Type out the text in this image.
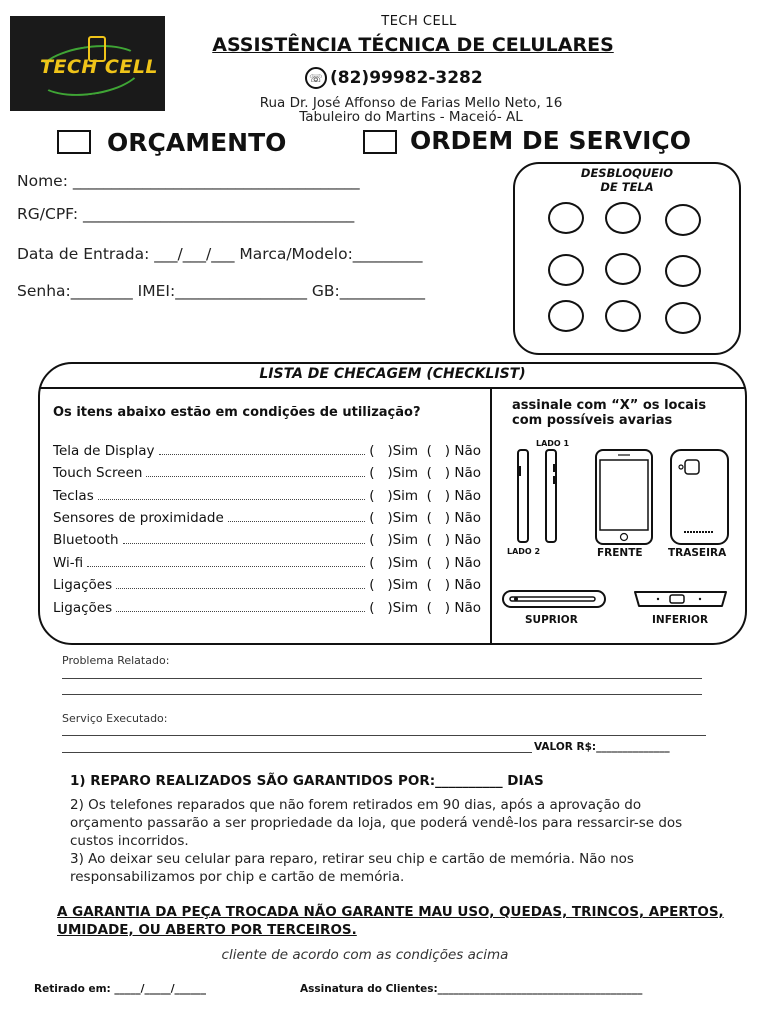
TECH CELL
TECH CELL
ASSISTÊNCIA TÉCNICA DE CELULARES
☏ (82)99982-3282
Rua Dr. José Affonso de Farias Mello Neto, 16
Tabuleiro do Martins - Maceió- AL
ORÇAMENTO	ORDEM DE SERVIÇO
Nome: _____________________________________
RG/CPF: ___________________________________
Data de Entrada: ___/___/___ Marca/Modelo:_________
Senha:________ IMEI:_________________ GB:___________
DESBLOQUEIO
DE TELA
LISTA DE CHECAGEM (CHECKLIST)
Os itens abaixo estão em condições de utilização?
Tela de Display	(   )Sim  (   ) Não
Touch Screen	(   )Sim  (   ) Não
Teclas	(   )Sim  (   ) Não
Sensores de proximidade	(   )Sim  (   ) Não
Bluetooth	(   )Sim  (   ) Não
Wi-fi	(   )Sim  (   ) Não
Ligações	(   )Sim  (   ) Não
Ligações	(   )Sim  (   ) Não
assinale com “X” os locais com possíveis avarias
LADO 1
LADO 2	FRENTE TRASEIRA
SUPRIOR	INFERIOR
Problema Relatado:
Serviço Executado:
VALOR R$:______________
1) REPARO REALIZADOS SÃO GARANTIDOS POR:__________ DIAS
2) Os telefones reparados que não forem retirados em 90 dias, após a aprovação do orçamento passarão a ser propriedade da loja, que poderá vendê-los para ressarcir-se dos custos incorridos.
3) Ao deixar seu celular para reparo, retirar seu chip e cartão de memória. Não nos responsabilizamos por chip e cartão de memória.
A GARANTIA DA PEÇA TROCADA NÃO GARANTE MAU USO, QUEDAS, TRINCOS, APERTOS, UMIDADE, OU ABERTO POR TERCEIROS.
cliente de acordo com as condições acima
Retirado em: _____/_____/______	Assinatura do Clientes:_______________________________________
